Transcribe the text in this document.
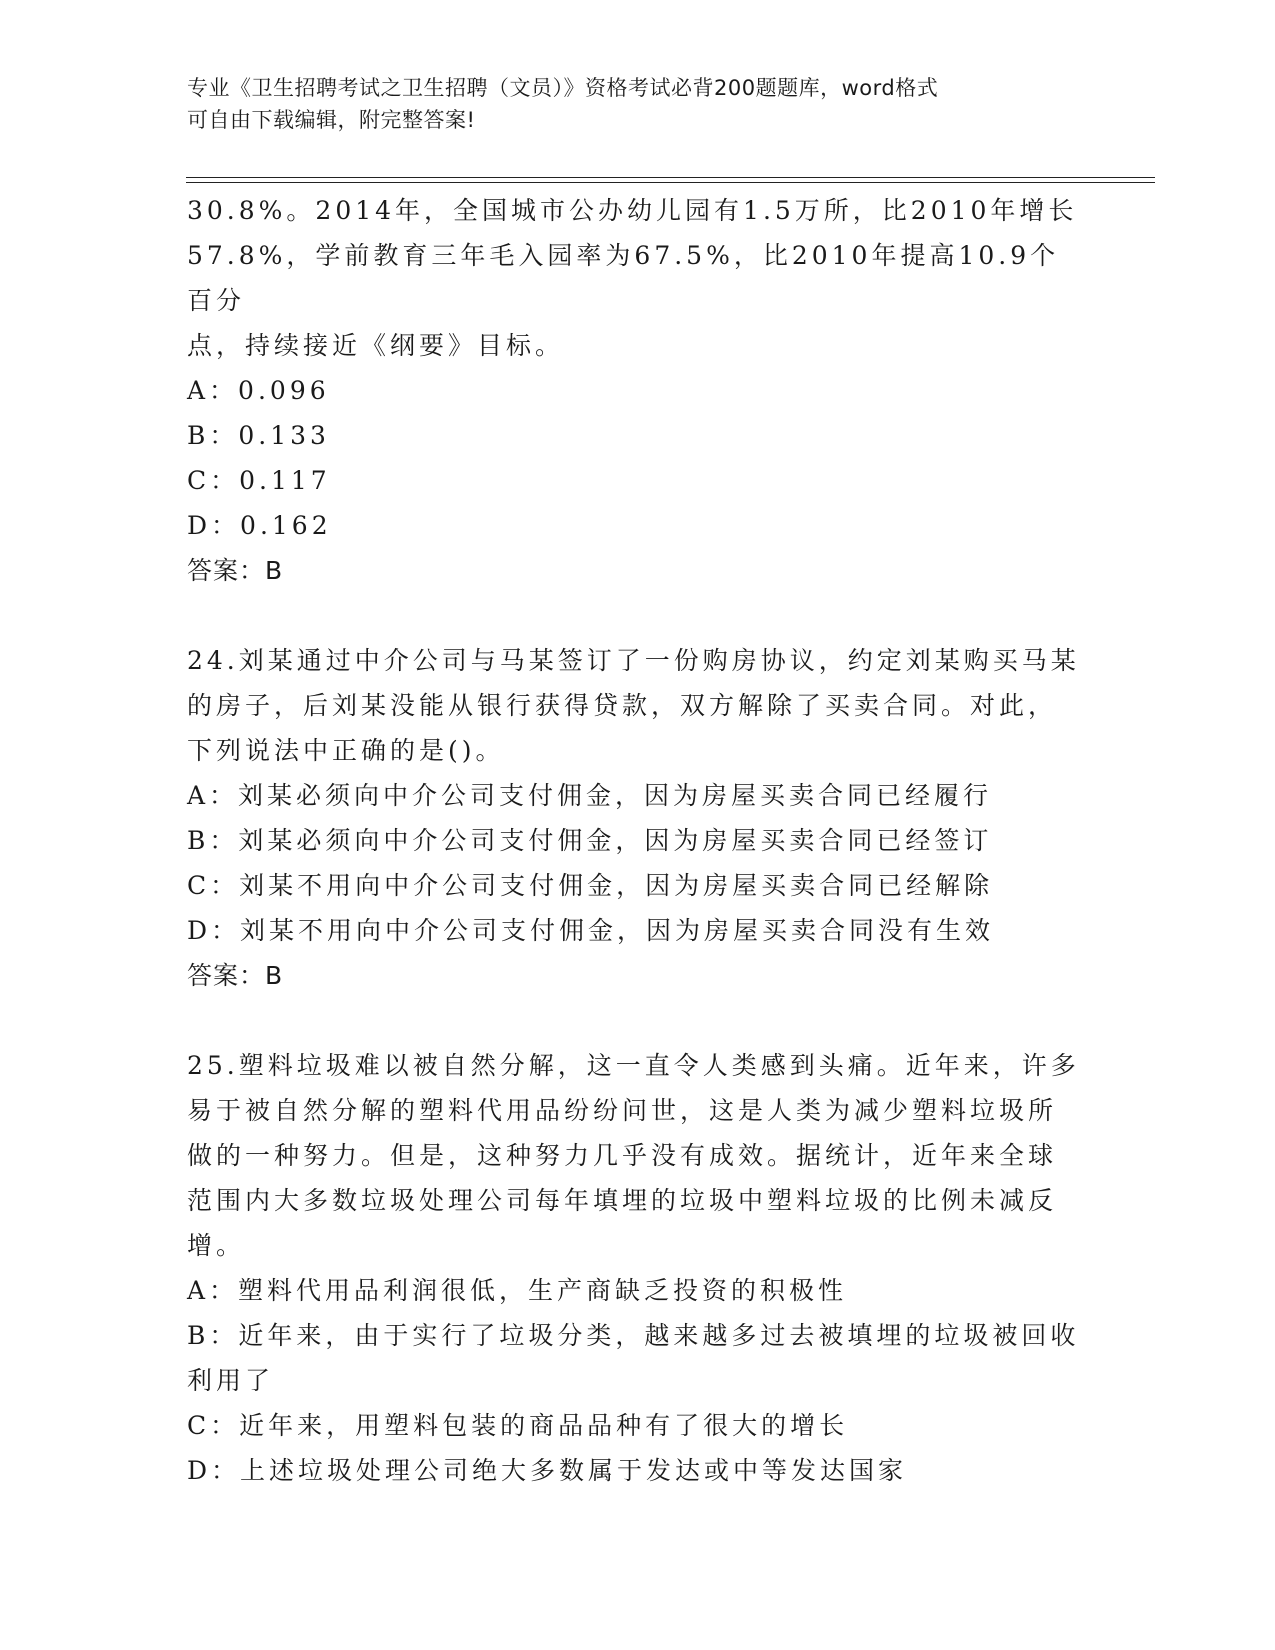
专业《卫生招聘考试之卫生招聘（文员）》资格考试必背200题题库，word格式
可自由下载编辑，附完整答案!

30.8%。2014年，全国城市公办幼儿园有1.5万所，比2010年增长

57.8%，学前教育三年毛入园率为67.5%，比2010年提高10.9个百分

点，持续接近《纲要》目标。

A：0.096

B：0.133

C：0.117

D：0.162

答案：B

24.刘某通过中介公司与马某签订了一份购房协议，约定刘某购买马某

的房子，后刘某没能从银行获得贷款，双方解除了买卖合同。对此，

下列说法中正确的是()。

A：刘某必须向中介公司支付佣金，因为房屋买卖合同已经履行

B：刘某必须向中介公司支付佣金，因为房屋买卖合同已经签订

C：刘某不用向中介公司支付佣金，因为房屋买卖合同已经解除

D：刘某不用向中介公司支付佣金，因为房屋买卖合同没有生效

答案：B

25.塑料垃圾难以被自然分解，这一直令人类感到头痛。近年来，许多

易于被自然分解的塑料代用品纷纷问世，这是人类为减少塑料垃圾所

做的一种努力。但是，这种努力几乎没有成效。据统计，近年来全球

范围内大多数垃圾处理公司每年填埋的垃圾中塑料垃圾的比例未减反

增。

A：塑料代用品利润很低，生产商缺乏投资的积极性

B：近年来，由于实行了垃圾分类，越来越多过去被填埋的垃圾被回收

利用了

C：近年来，用塑料包装的商品品种有了很大的增长

D：上述垃圾处理公司绝大多数属于发达或中等发达国家
